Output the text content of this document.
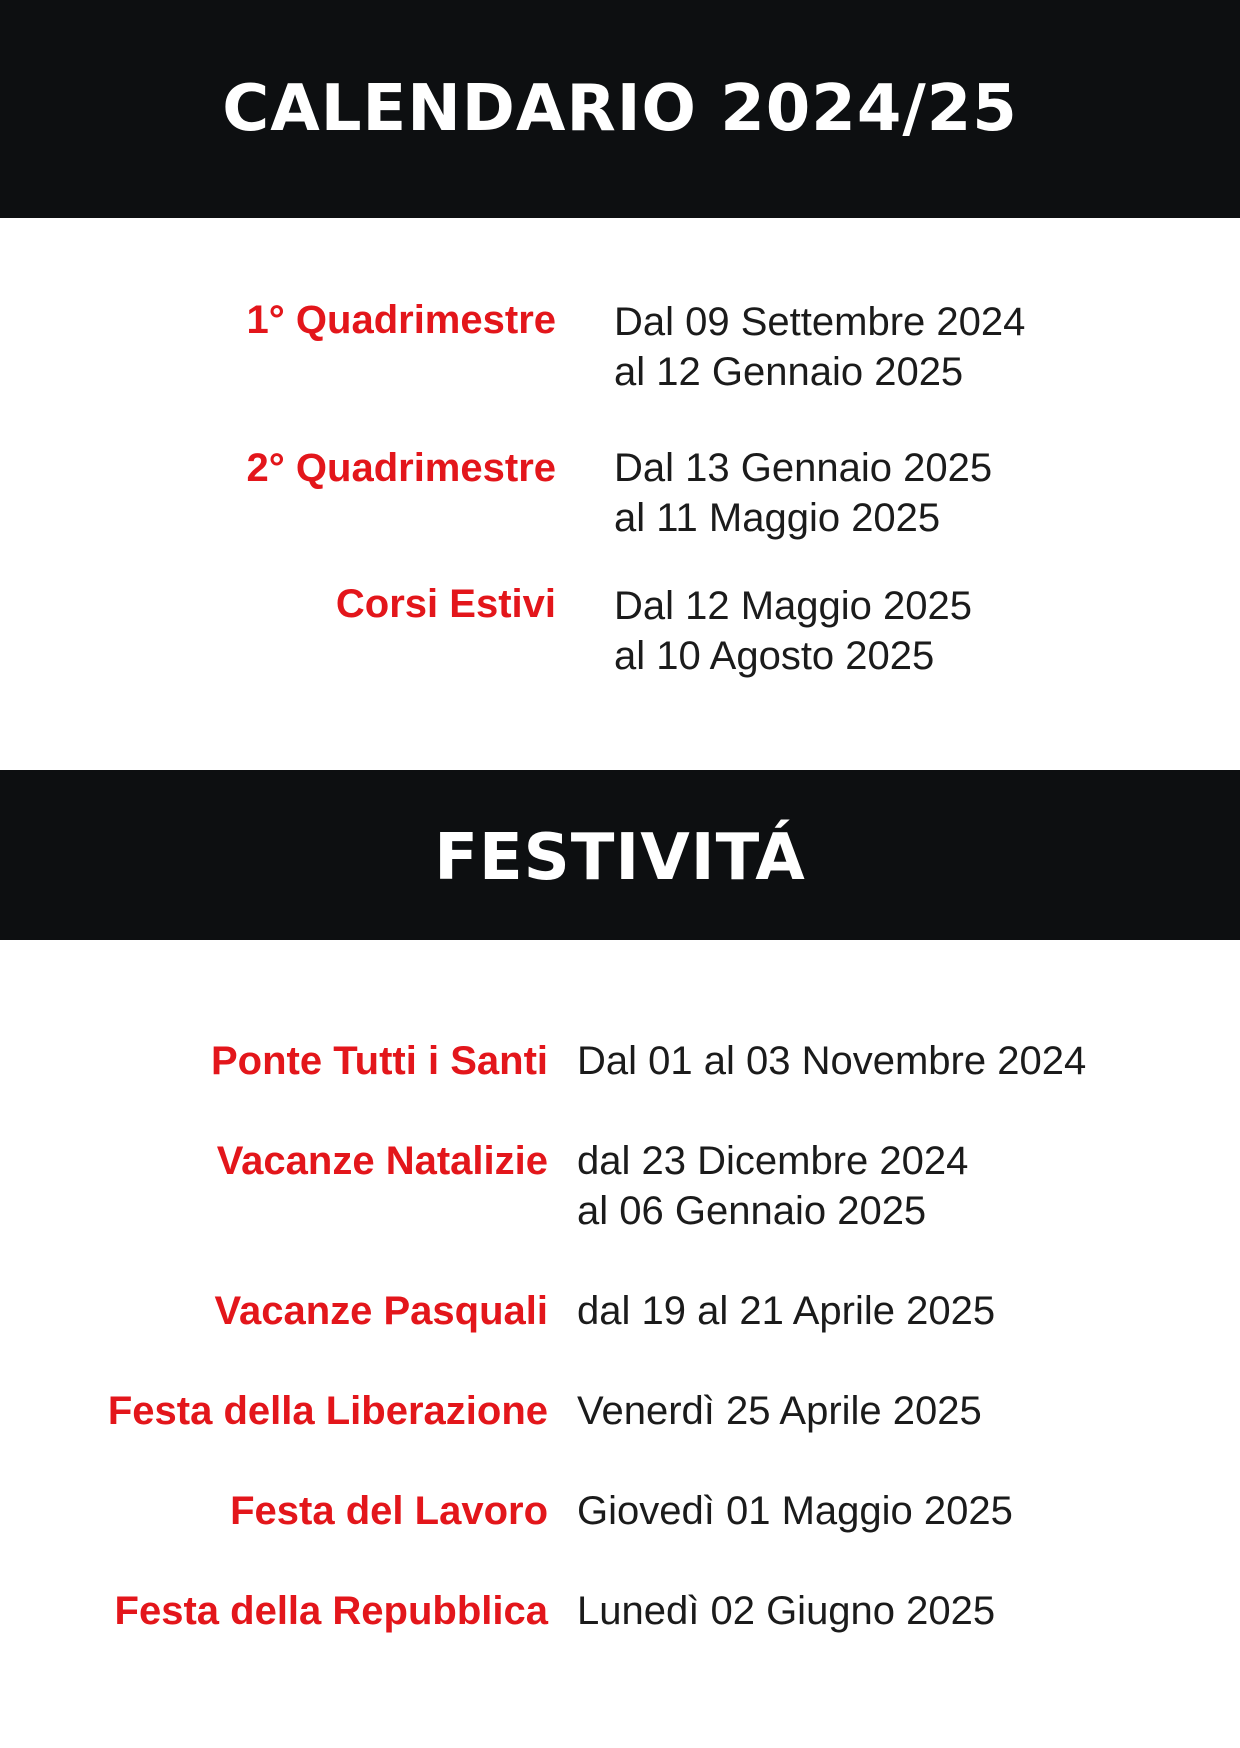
CALENDARIO 2024/25
1° Quadrimestre Dal 09 Settembre 2024
al 12 Gennaio 2025
2° Quadrimestre Dal 13 Gennaio 2025
al 11 Maggio 2025
Corsi Estivi Dal 12 Maggio 2025
al 10 Agosto 2025
FESTIVITÁ
Ponte Tutti i Santi Dal 01 al 03 Novembre 2024
Vacanze Natalizie dal 23 Dicembre 2024
al 06 Gennaio 2025
Vacanze Pasquali dal 19 al 21 Aprile 2025
Festa della Liberazione Venerdì 25 Aprile 2025
Festa del Lavoro Giovedì 01 Maggio 2025
Festa della Repubblica Lunedì 02 Giugno 2025
